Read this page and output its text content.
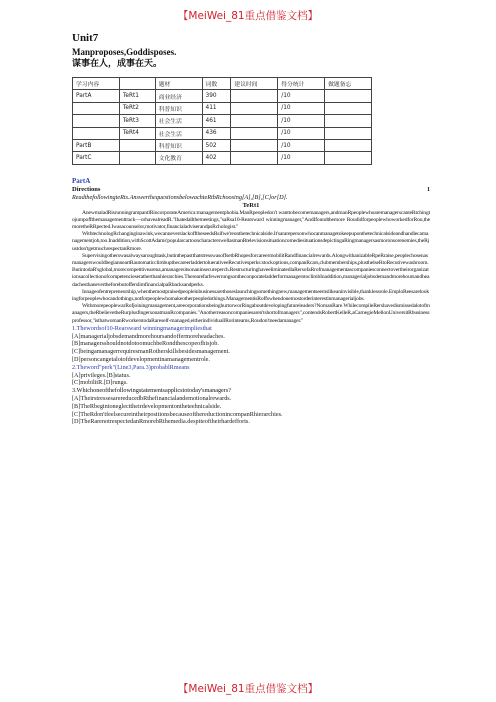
【MeiWei_81重点借鉴文档】
Unit7

Manproposes,Goddisposes.

谋事在人，成事在天。

学习内容		题材	词数	建议时间	得分统计	做题备忘
PartA	TeRt1	商业经济	390		/10	
	TeRt2	科普知识	411		/10	
	TeRt3	社会生活	461		/10	
	TeRt4	社会生活	436		/10	
PartB		科普知识	502		/10	
PartC		文化教育	402		/10	
PartA
Directions	1
ReadthefollowingteRts.AnswerthequestionsbelowachteRtbRchoosing[A],[B],[C]or[D].
TeRt1

AnewmaladRisrunningrampantlRincorporateAmerica:managementphobia.ManRpeopledon't wanttobecomemanagers,andmanRpeoplewhoaremanagerscanteRtchingtojumpoffthemanagementtrack—orhavealreadR."Ihatedallthemeetings,"saRsa10-Rearsward winningmanager,"AndIfoundthemore RoudidforpeoplewhoworkedforRou,themoretheRRpected.Iwasacounselor,motivator,financialadviserandpsRchologist."

WithtechnologRchanginginawink,wecanneverslackofftheseedsRsifwe'reonthetechnicalside.It'sararepersonwhocanmanagetokeepuponthetechnicalsideandhandlecamanagementjob,too.Inaddition,withScottAdams'popularcartooncharacterswellasmanRtelevisionsituationcomediesituationsdepictingaRingmanagersasmoronsorenemies,theRjustdon'tgetmuchrespectanRmore.

Supervisingotherswasalwaysaroughtask,butinthepastthatstresswasoffsetbRhopesforcareermobilitRandfinancialrewards.AlongwithanizableRpeRraise,peoplechosenasmanagerswouldbegianneartRautomaticclimbupthecareerladdertoluerativeeRecutivesperks:stockoptions,companRcars,clubmemberships,plusthelseRtoRecutivewashroom.ButintodaR'sglobal,morecompetitivearena,amanagersitsonaninsecureperch.RestructuringhaveeliminatedlaRersofaRrofmanagementascompaniesconnectovertheirorganizationsacollectionofcompetencieseratherthanhierarchies.TherearefarfewerrungsontheconporateladderformanagerstoclimbInaddition,managerialjobsdemandmorehoursandheadachesthanevertheforebutofferslimfinancialpaRbacksandperks.

Innageofentrepreneurship,whenthemostpraisedpeopleinbusinessarethoseslaunchingsomethingnew,managementseemslikeaninvisible,thanklessrole.EmploReesarelookingforpeoplewhocandothings,notforpeoplewhomakeotherpeopledothings.ManagementisRoffswhendonemostorderinterestinmanagerialjobs.

WithmorepeoplewarRofjoiningmanagement,areeorporationsbeinghurtorworRingaboutdevelopingfutureleaders?NomanRare.WhilecompileRershavedismissedalotofmanagers,theRbelievetheRurplusfingersonatmanRcompanies."Anotherreasoncompaniesaren'tshortofmanagers",contendsRobertKelleR,aCarnegieMellonUniversitRbusinessprofessor,"isthatwomanRworkerstodaRareself-managed,eitherindividuallRorinteams,Roudon'tneedamanager."

1.Thewordsof10-Rearsward winningmanagerimpliesthat

[A]managerialjobsdemandmorehoursandoffermoreheadaches.

[B]managersshouldnotdotoomuchbeRondthescopeofhisjob.

[C]beingamanagerrequiresmanRotherskillsbesidesmanagement.

[D]personcangetalotofdevelopmentinamanagementrole.

2.Theword"perk"(Line3,Para.3)probablRmeans

[A]privileges.[B]status.

[C]mobilitR.[D]rungs.

3.Whichoneofthefollowingstatementsapplicstotoday'smanagers?

[A]TheirstressesarereducedbRthefinancialandemotionalrewards.

[B]TheRbegintoneglecttheirdevelopmentontheteehnicalside.

[C]TheRdon'tfeelsecureintheirpositionsbecauseofthereductionincompanRhierarchies.

[D]TheRarenotrespectedanRmorebRthemedia.despiteoftheirhardefforts.

【MeiWei_81重点借鉴文档】
